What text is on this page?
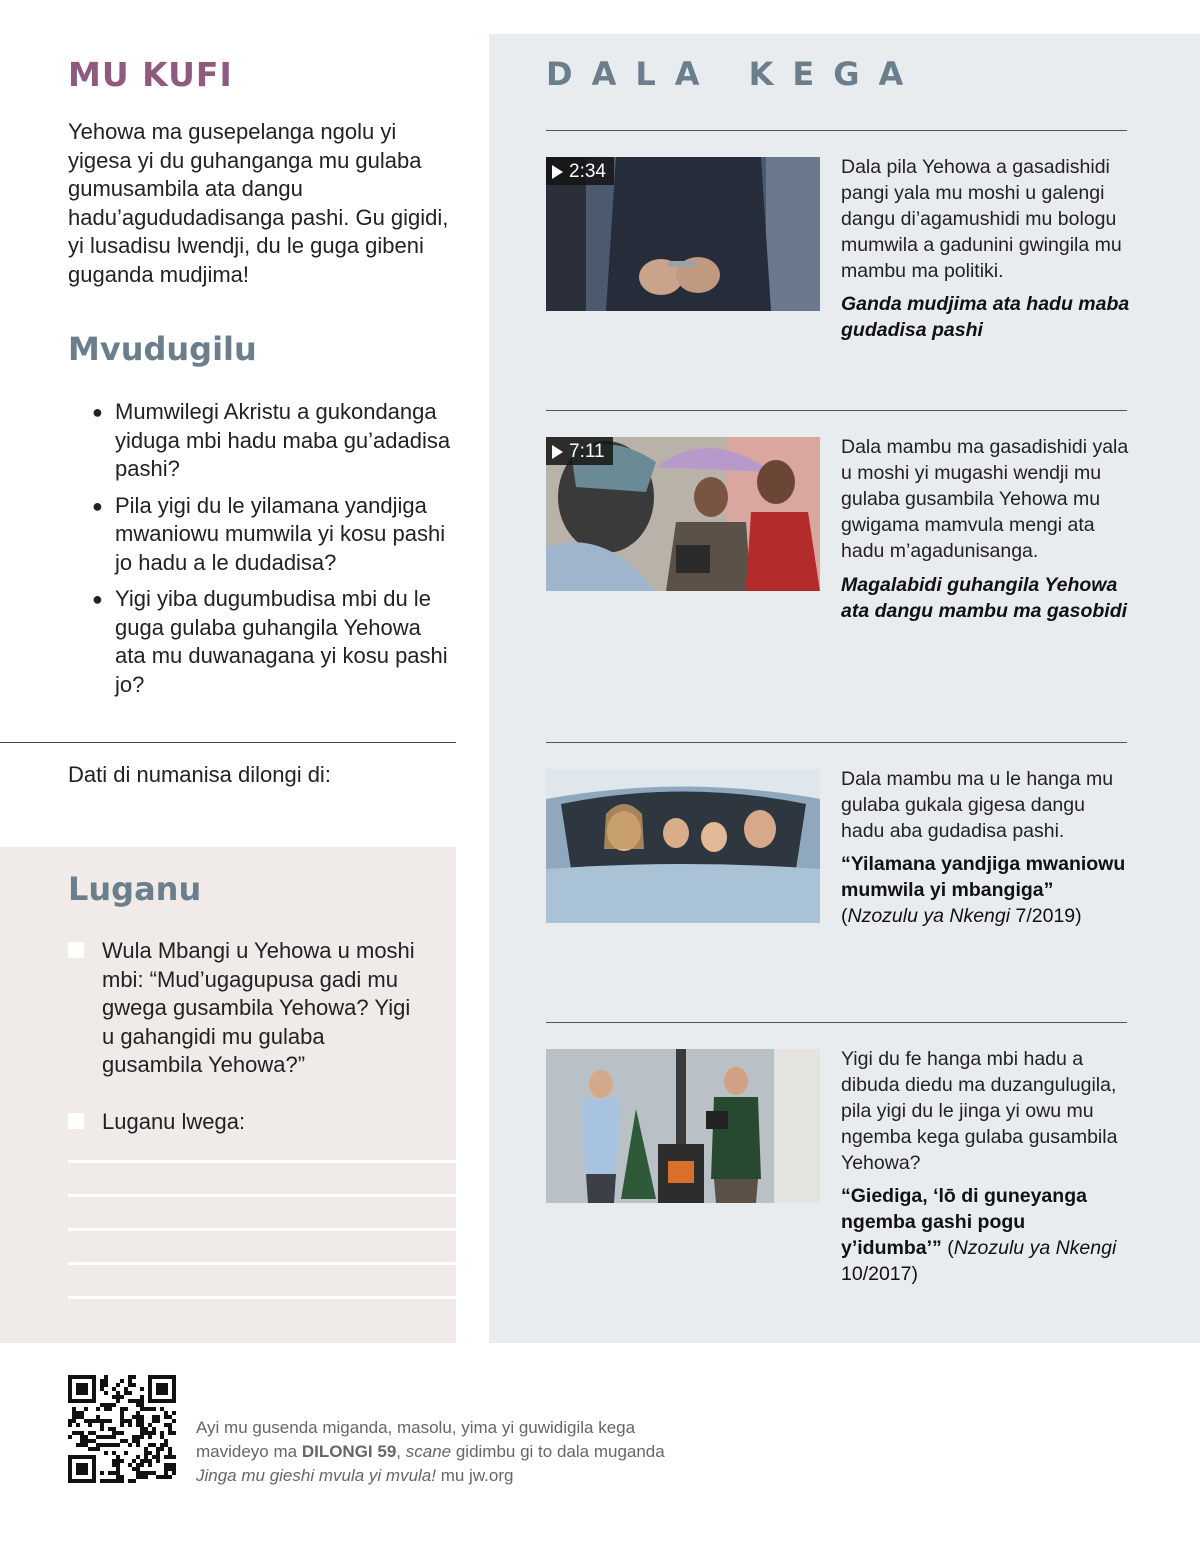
MU KUFI

Yehowa ma gusepelanga ngolu yi yigesa yi du guhanganga mu gulaba gumusambila ata dangu hadu’agududadisanga pashi. Gu gigidi, yi lusadisu lwendji, du le guga gibeni guganda mudjima!

Mvudugilu
● Mumwilegi Akristu a gukondanga yiduga mbi hadu maba gu’adadisa pashi?
● Pila yigi du le yilamana yandjiga mwaniowu mumwila yi kosu pashi jo hadu a le dudadisa?
● Yigi yiba dugumbudisa mbi du le guga gulaba guhangila Yehowa ata mu duwanagana yi kosu pashi jo?
Dati di numanisa dilongi di:
Luganu
Wula Mbangi u Yehowa u moshi mbi: “Mud’ugagupusa gadi mu gwega gusambila Yehowa? Yigi u gahangidi mu gulaba gusambila Yehowa?”
Luganu lwega:
DALA KEGA
2:34	Dala pila Yehowa a gasadishidi pangi yala mu moshi u galengi dangu di’agamushidi mu bologu mumwila a gadunini gwingila mu mambu ma politiki.

Ganda mudjima ata hadu maba gudadisa pashi

7:11	Dala mambu ma gasadishidi yala u moshi yi mugashi wendji mu gulaba gusambila Yehowa mu gwigama mamvula mengi ata hadu m’agadunisanga.

Magalabidi guhangila Yehowa ata dangu mambu ma gasobidi

Dala mambu ma u le hanga mu gulaba gukala gigesa dangu hadu aba gudadisa pashi.

“Yilamana yandjiga mwaniowu mumwila yi mbangiga” (Nzozulu ya Nkengi 7/2019)

Yigi du fe hanga mbi hadu a dibuda diedu ma duzangulugila, pila yigi du le jinga yi owu mu ngemba kega gulaba gusambila Yehowa?

“Giediga, ‘lō di guneyanga ngemba gashi pogu y’idumba’” (Nzozulu ya Nkengi 10/2017)

Ayi mu gusenda miganda, masolu, yima yi guwidigila kega mavideyo ma DILONGI 59, scane gidimbu gi to dala muganda Jinga mu gieshi mvula yi mvula! mu jw.org
